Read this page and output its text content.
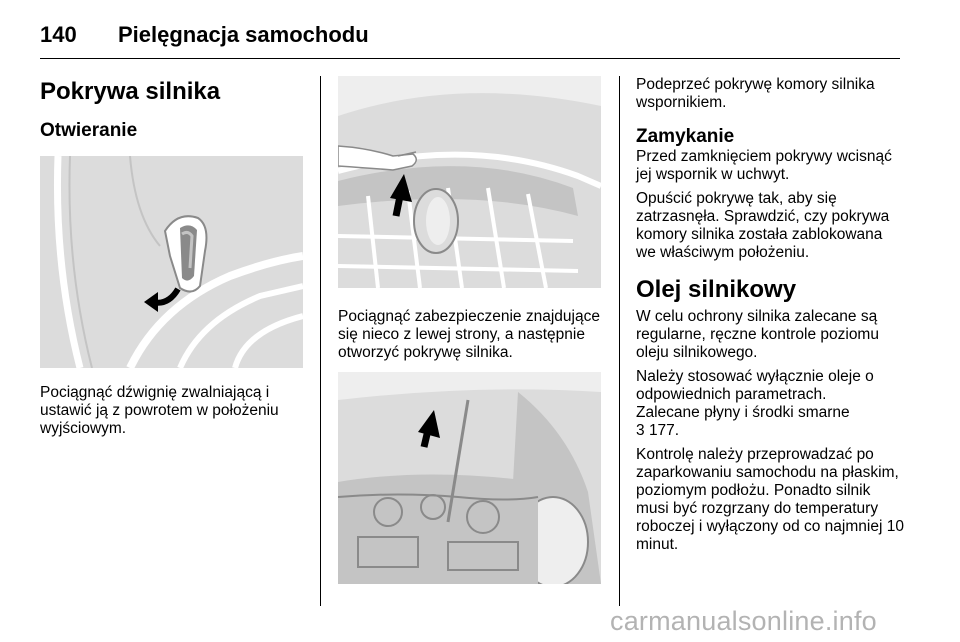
140 Pielęgnacja samochodu
Pokrywa silnika
Otwieranie

Pociągnąć dźwignię zwalniającą i ustawić ją z powrotem w położeniu wyjściowym.

Pociągnąć zabezpieczenie znajdujące się nieco z lewej strony, a następnie otworzyć pokrywę silnika.

Podeprzeć pokrywę komory silnika wspornikiem.

Zamykanie

Przed zamknięciem pokrywy wcisnąć jej wspornik w uchwyt.

Opuścić pokrywę tak, aby się zatrzasnęła. Sprawdzić, czy pokrywa komory silnika została zablokowana we właściwym położeniu.

Olej silnikowy

W celu ochrony silnika zalecane są regularne, ręczne kontrole poziomu oleju silnikowego.

Należy stosować wyłącznie oleje o odpowiednich parametrach.

Zalecane płyny i środki smarne

3 177.

Kontrolę należy przeprowadzać po zaparkowaniu samochodu na płaskim, poziomym podłożu. Ponadto silnik musi być rozgrzany do temperatury roboczej i wyłączony od co najmniej 10 minut.

carmanualsonline.info
